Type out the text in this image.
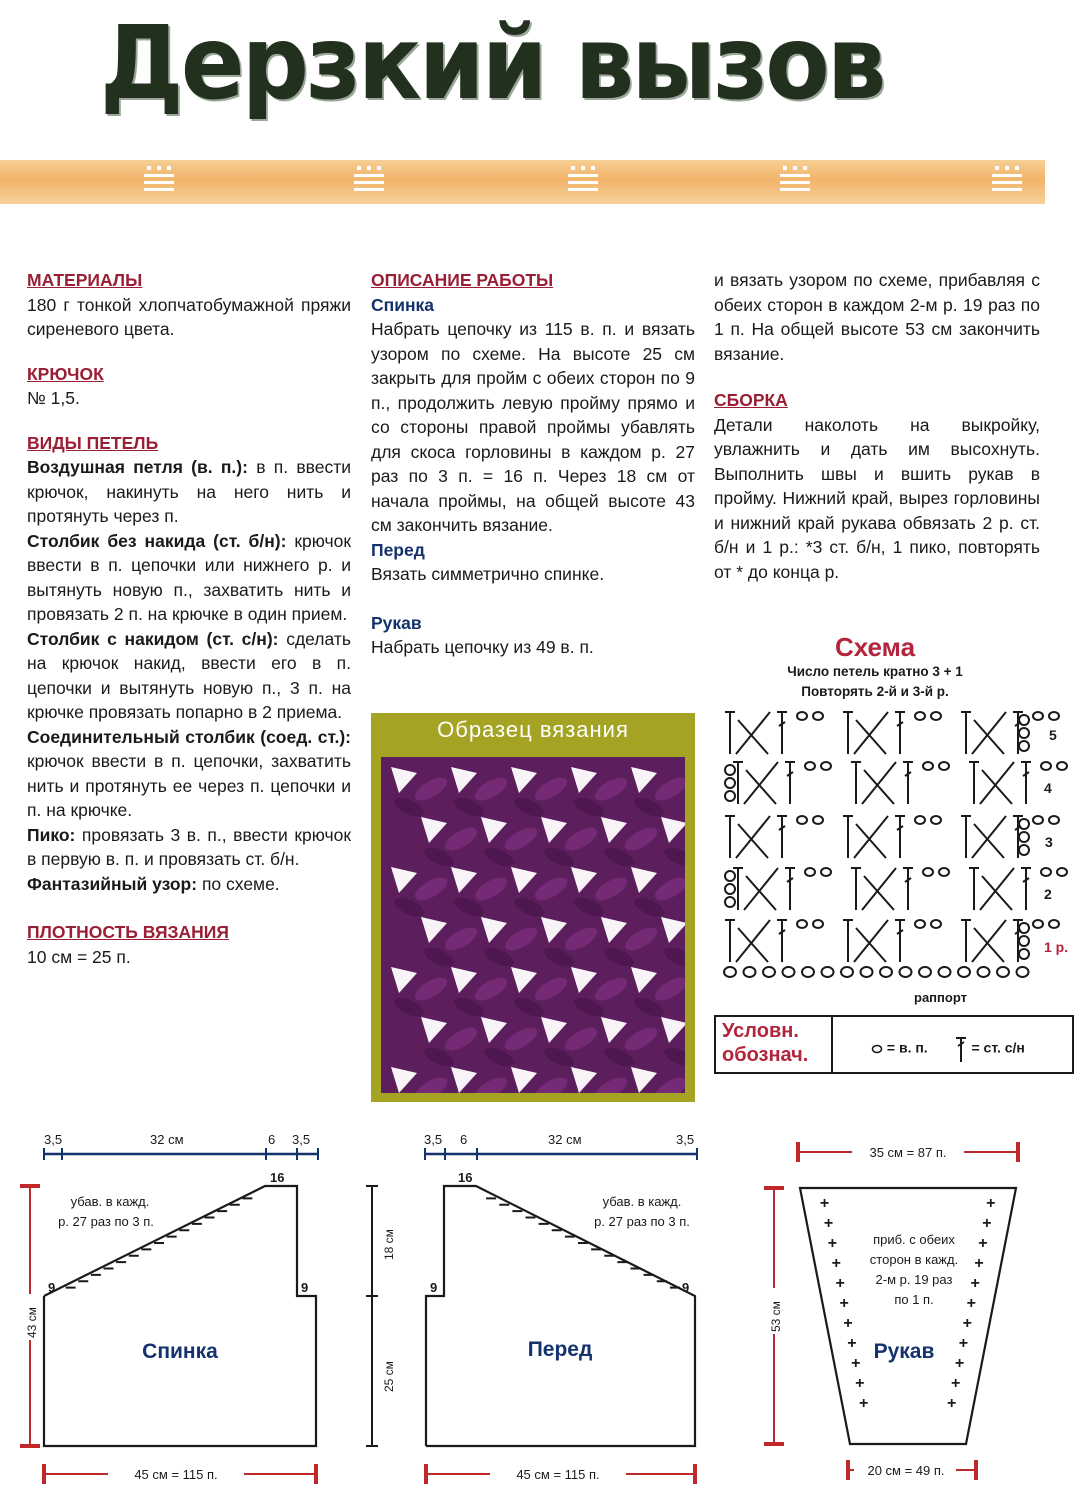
Дерзкий вызов
МАТЕРИАЛЫ

180 г тонкой хлопчатобумажной пряжи сиреневого цвета.

КРЮЧОК

№ 1,5.

ВИДЫ ПЕТЕЛЬ

Воздушная петля (в. п.): в п. ввести крючок, накинуть на него нить и протянуть через п.

Столбик без накида (ст. б/н): крючок ввести в п. цепочки или нижнего р. и вытянуть новую п., захватить нить и провязать 2 п. на крючке в один прием.

Столбик с накидом (ст. с/н): сделать на крючок накид, ввести его в п. цепочки и вытянуть новую п., 3 п. на крючке провязать попарно в 2 приема.

Соединительный столбик (соед. ст.): крючок ввести в п. цепочки, захватить нить и протянуть ее через п. цепочки и п. на крючке.

Пико: провязать 3 в. п., ввести крючок в первую в. п. и провязать ст. б/н.

Фантазийный узор: по схеме.

ПЛОТНОСТЬ ВЯЗАНИЯ

10 см = 25 п.

ОПИСАНИЕ РАБОТЫ
Спинка

Набрать цепочку из 115 в. п. и вязать узором по схеме. На высоте 25 см закрыть для пройм с обеих сторон по 9 п., продолжить левую пройму прямо и со стороны правой проймы убавлять для скоса горловины в каждом р. 27 раз по 3 п. = 16 п. Через 18 см от начала проймы, на общей высоте 43 см закончить вязание.

Перед

Вязать симметрично спинке.

Рукав

Набрать цепочку из 49 в. п.

и вязать узором по схеме, прибавляя с обеих сторон в каждом 2-м р. 19 раз по 1 п. На общей высоте 53 см закончить вязание.

СБОРКА

Детали наколоть на выкройку, увлажнить и дать им высохнуть. Выполнить швы и вшить рукав в пройму. Нижний край, вырез горловины и нижний край рукава обвязать 2 р. ст. б/н и 1 р.: *3 ст. б/н, 1 пико, повторять от * до конца р.

Образец вязания
Схема
Число петель кратно 3 + 1
Повторять 2-й и 3-й р.
5
4
3
2
1 р.
раппорт
Условн.
обознач.	= в. п.	= ст. с/н
3,5	32 см	6 3,5
16
9	9
убав. в кажд.
р. 27 раз по 3 п.
Спинка
43 см
45 см = 115 п.
3,5 6	32 см	3,5
16
9	9
убав. в кажд.
р. 27 раз по 3 п.
Перед
18 см
25 см
45 см = 115 п.
35 см = 87 п.
+	+
+	+
+	+
+	+
+	+
+	+
+	+
+	+
+	+
+	+
+	+
приб. с обеих
сторон в кажд.
2-м р. 19 раз
по 1 п.
Рукав
53 см
20 см = 49 п.
